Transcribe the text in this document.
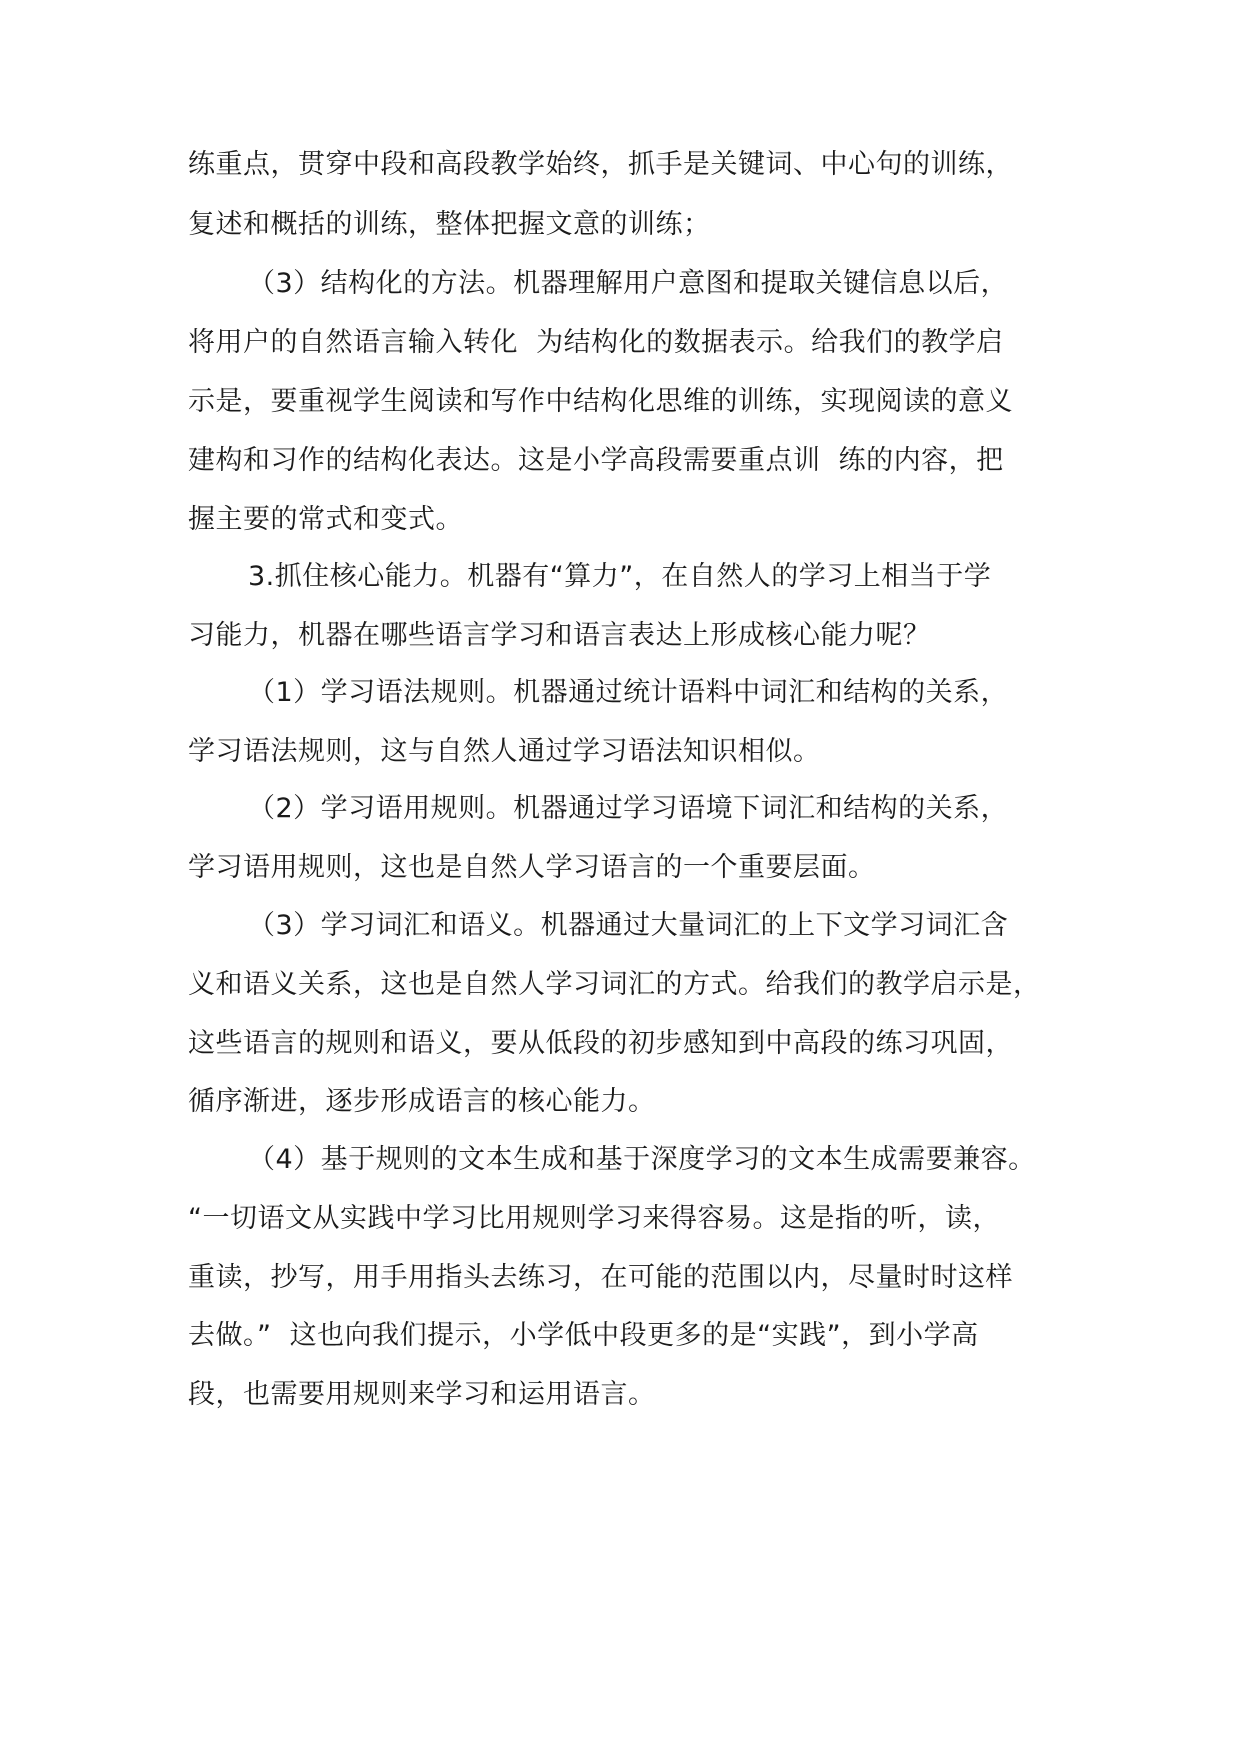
练重点，贯穿中段和高段教学始终，抓手是关键词、中心句的训练，
复述和概括的训练，整体把握文意的训练；
（3）结构化的方法。机器理解用户意图和提取关键信息以后，
将用户的自然语言输入转化  为结构化的数据表示。给我们的教学启
示是，要重视学生阅读和写作中结构化思维的训练，实现阅读的意义
建构和习作的结构化表达。这是小学高段需要重点训  练的内容，把
握主要的常式和变式。
3.抓住核心能力。机器有“算力”，在自然人的学习上相当于学
习能力，机器在哪些语言学习和语言表达上形成核心能力呢？
（1）学习语法规则。机器通过统计语料中词汇和结构的关系，
学习语法规则，这与自然人通过学习语法知识相似。
（2）学习语用规则。机器通过学习语境下词汇和结构的关系，
学习语用规则，这也是自然人学习语言的一个重要层面。
（3）学习词汇和语义。机器通过大量词汇的上下文学习词汇含
义和语义关系，这也是自然人学习词汇的方式。给我们的教学启示是，
这些语言的规则和语义，要从低段的初步感知到中高段的练习巩固，
循序渐进，逐步形成语言的核心能力。
（4）基于规则的文本生成和基于深度学习的文本生成需要兼容。
“一切语文从实践中学习比用规则学习来得容易。这是指的听，读，
重读，抄写，用手用指头去练习，在可能的范围以内，尽量时时这样
去做。”  这也向我们提示，小学低中段更多的是“实践”，到小学高
段，也需要用规则来学习和运用语言。
